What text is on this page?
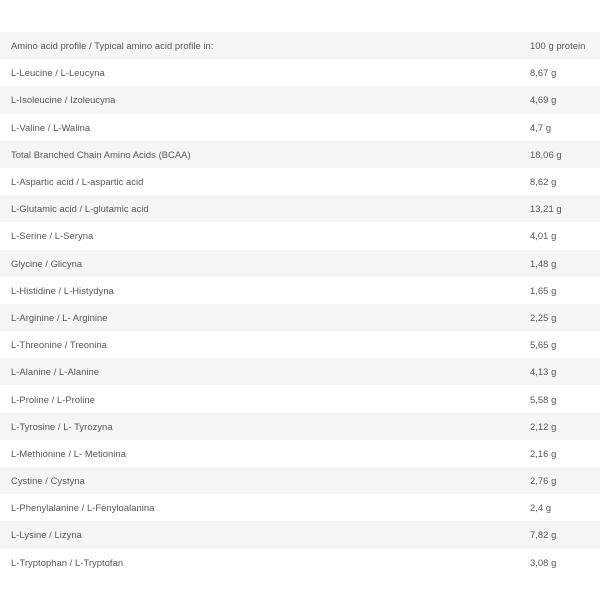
Amino acid profile / Typical amino acid profile in:	100 g protein
L-Leucine / L-Leucyna	8,67 g
L-Isoleucine / Izoleucyna	4,69 g
L-Valine / L-Walina	4,7 g
Total Branched Chain Amino Acids (BCAA)	18,06 g
L-Aspartic acid / L-aspartic acid	8,62 g
L-Glutamic acid / L-glutamic acid	13,21 g
L-Serine / L-Seryna	4,01 g
Glycine / Glicyna	1,48 g
L-Histidine / L-Histydyna	1,65 g
L-Arginine / L- Arginine	2,25 g
L-Threonine / Treonina	5,65 g
L-Alanine / L-Alanine	4,13 g
L-Proline / L-Proline	5,58 g
L-Tyrosine / L- Tyrozyna	2,12 g
L-Methionine / L- Metionina	2,16 g
Cystine / Cystyna	2,76 g
L-Phenylalanine / L-Fenyloalanina	2,4 g
L-Lysine / Lizyna	7,82 g
L-Tryptophan / L-Tryptofan	3,08 g
